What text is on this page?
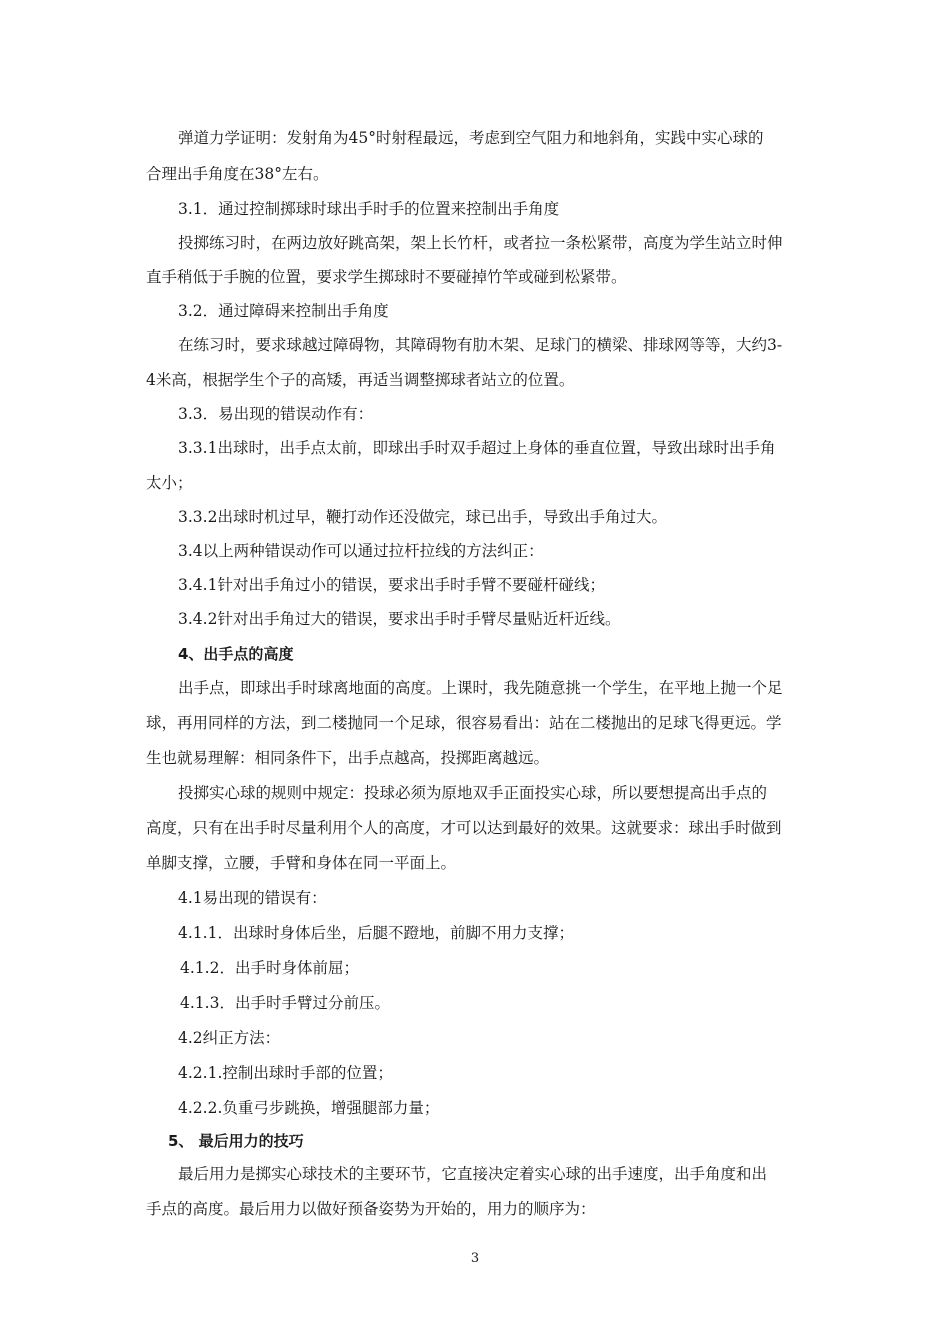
弹道力学证明：发射角为45°时射程最远，考虑到空气阻力和地斜角，实践中实心球的
合理出手角度在38°左右。
3.1．通过控制掷球时球出手时手的位置来控制出手角度
投掷练习时，在两边放好跳高架，架上长竹杆，或者拉一条松紧带，高度为学生站立时伸
直手稍低于手腕的位置，要求学生掷球时不要碰掉竹竿或碰到松紧带。
3.2．通过障碍来控制出手角度
在练习时，要求球越过障碍物，其障碍物有肋木架、足球门的横梁、排球网等等，大约3-
4米高，根据学生个子的高矮，再适当调整掷球者站立的位置。
3.3．易出现的错误动作有：
3.3.1出球时，出手点太前，即球出手时双手超过上身体的垂直位置，导致出球时出手角
太小；
3.3.2出球时机过早，鞭打动作还没做完，球已出手，导致出手角过大。
3.4以上两种错误动作可以通过拉杆拉线的方法纠正：
3.4.1针对出手角过小的错误，要求出手时手臂不要碰杆碰线；
3.4.2针对出手角过大的错误，要求出手时手臂尽量贴近杆近线。
4、出手点的高度
出手点，即球出手时球离地面的高度。上课时，我先随意挑一个学生，在平地上抛一个足
球，再用同样的方法，到二楼抛同一个足球，很容易看出：站在二楼抛出的足球飞得更远。学
生也就易理解：相同条件下，出手点越高，投掷距离越远。
投掷实心球的规则中规定：投球必须为原地双手正面投实心球，所以要想提高出手点的
高度，只有在出手时尽量利用个人的高度，才可以达到最好的效果。这就要求：球出手时做到
单脚支撑，立腰，手臂和身体在同一平面上。
4.1易出现的错误有：
4.1.1．出球时身体后坐，后腿不蹬地，前脚不用力支撑；
4.1.2．出手时身体前屈；
4.1.3．出手时手臂过分前压。
4.2纠正方法：
4.2.1.控制出球时手部的位置；
4.2.2.负重弓步跳换，增强腿部力量；
5、 最后用力的技巧
最后用力是掷实心球技术的主要环节，它直接决定着实心球的出手速度，出手角度和出
手点的高度。最后用力以做好预备姿势为开始的，用力的顺序为：
3
